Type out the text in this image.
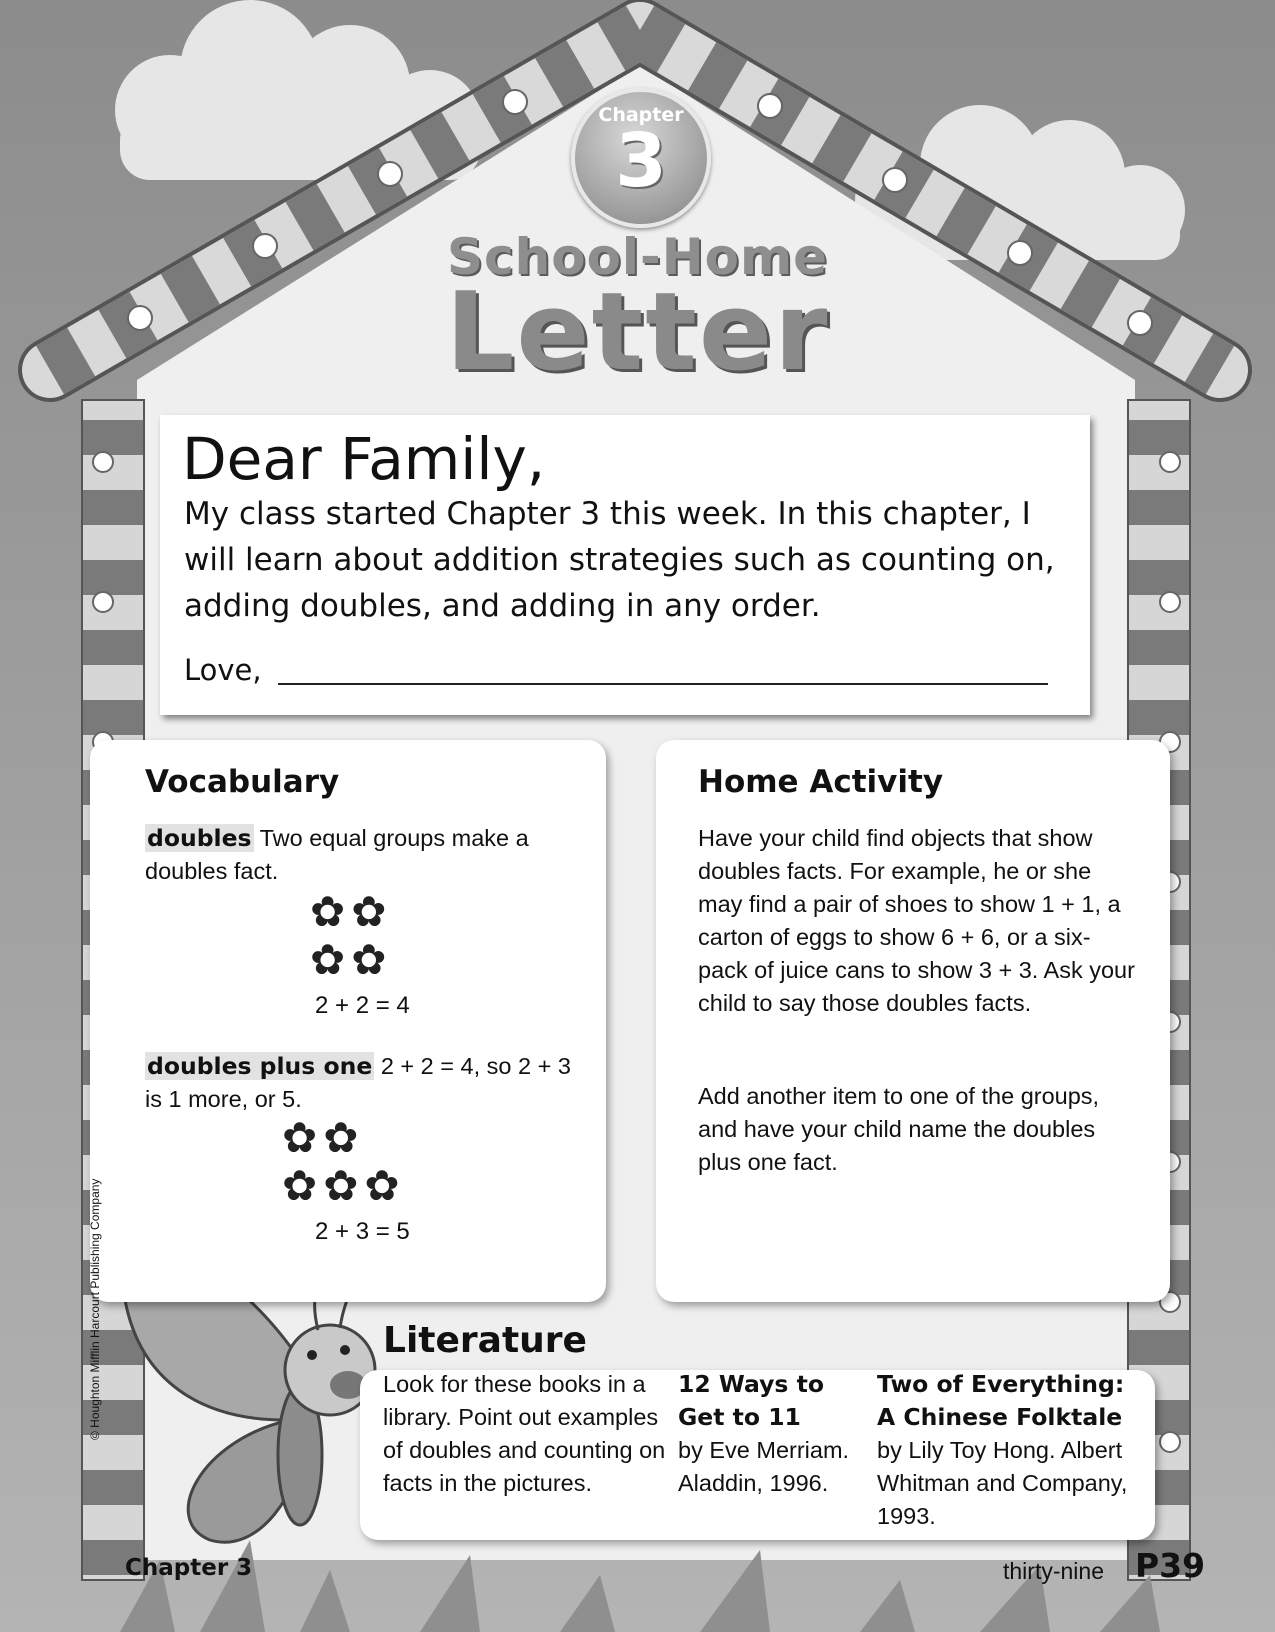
Chapter
3
School-Home
Letter
Dear Family,
My class started Chapter 3 this week. In this chapter, I will learn about addition strategies such as counting on, adding doubles, and adding in any order.
Love,
Vocabulary
doubles Two equal groups make a doubles fact.
✿✿
✿✿
2 + 2 = 4
doubles plus one 2 + 2 = 4, so 2 + 3 is 1 more, or 5.
✿✿
✿✿✿
2 + 3 = 5
Home Activity
Have your child find objects that show doubles facts. For example, he or she may find a pair of shoes to show 1 + 1, a carton of eggs to show 6 + 6, or a six-pack of juice cans to show 3 + 3. Ask your child to say those doubles facts.
Add another item to one of the groups, and have your child name the doubles plus one fact.
Literature
Look for these books in a library. Point out examples of doubles and counting on facts in the pictures.
12 Ways to Get to 11
by Eve Merriam. Aladdin, 1996.
Two of Everything: A Chinese Folktale
by Lily Toy Hong. Albert Whitman and Company, 1993.
© Houghton Mifflin Harcourt Publishing Company
Chapter 3	thirty-nine P39
